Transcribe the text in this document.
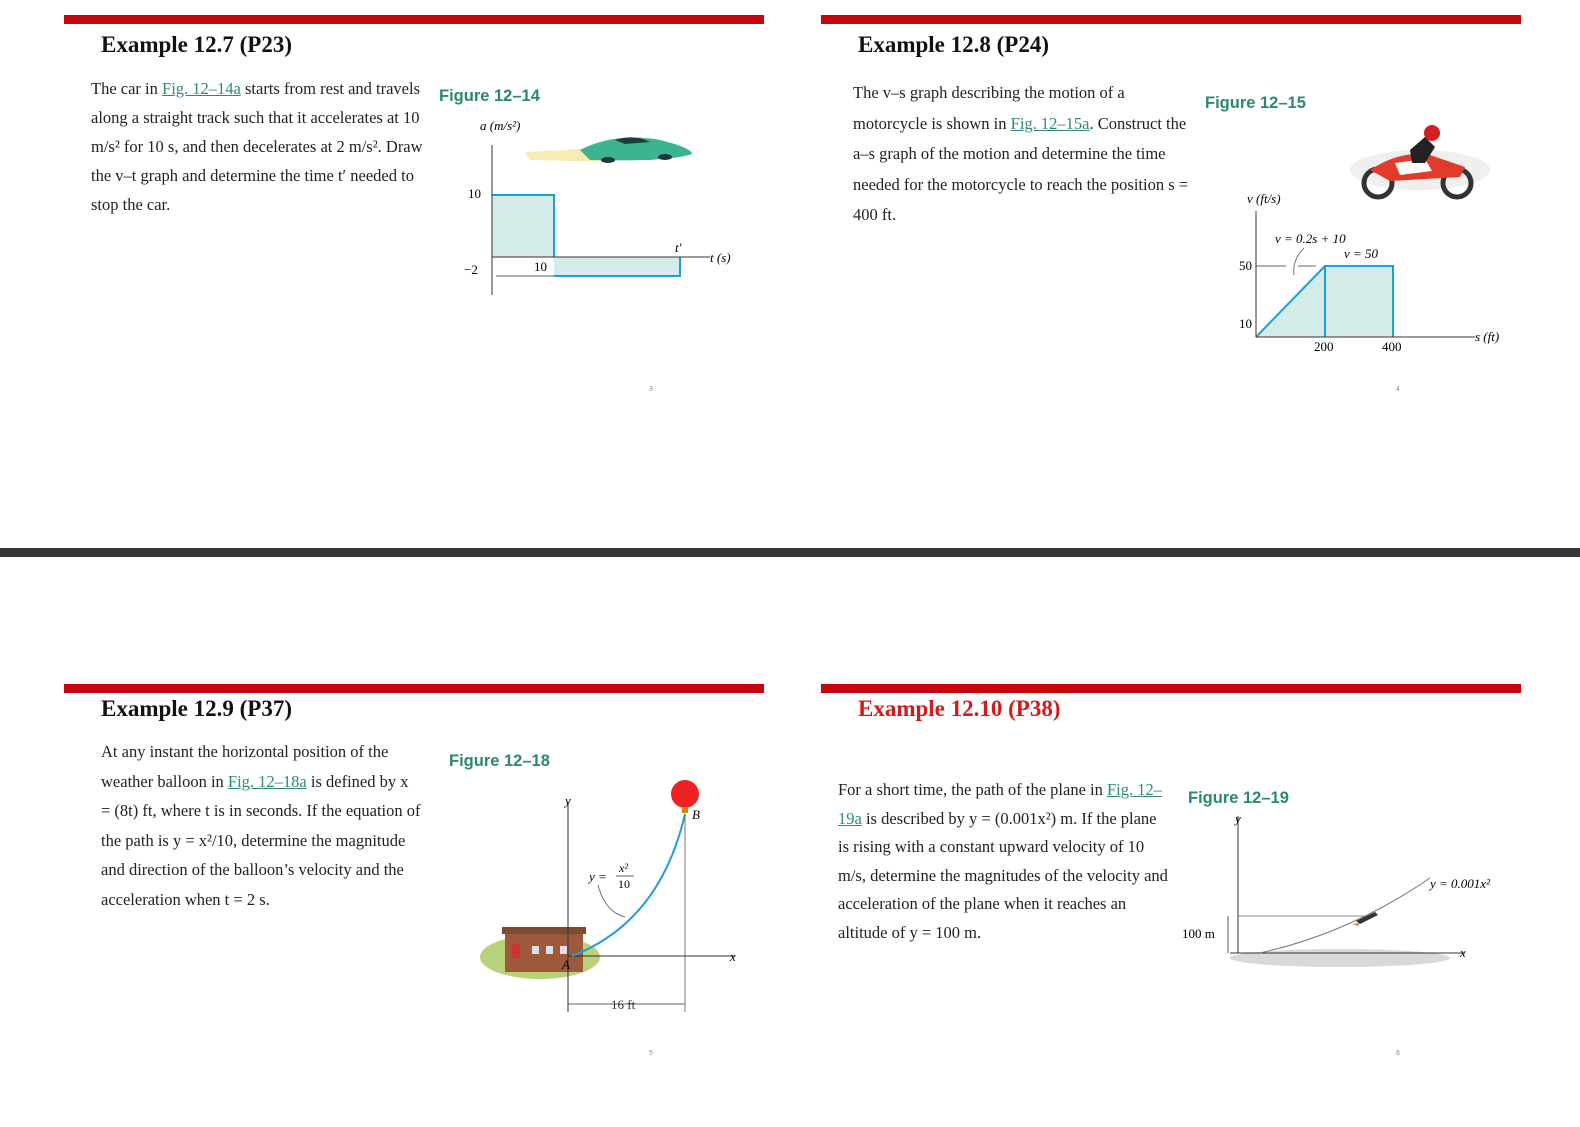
Example 12.7 (P23)

The car in Fig. 12–14a starts from rest and travels along a straight track such that it accelerates at 10 m/s² for 10 s, and then decelerates at 2 m/s². Draw the v–t graph and determine the time t′ needed to stop the car.

Figure 12–14
a (m/s²)
10
−2	10
t′
t (s)
3
Example 12.8 (P24)

The v–s graph describing the motion of a motorcycle is shown in Fig. 12–15a. Construct the a–s graph of the motion and determine the time needed for the motorcycle to reach the position s = 400 ft.

Figure 12–15
v (ft/s)
v = 0.2s + 10
v = 50
50
10
200	400
s (ft)
4
Example 12.9 (P37)

At any instant the horizontal position of the weather balloon in Fig. 12–18a is defined by x = (8t) ft, where t is in seconds. If the equation of the path is y = x²/10, determine the magnitude and direction of the balloon’s velocity and the acceleration when t = 2 s.

Figure 12–18
y
x
B
A
y =
x²
10
16 ft
5
Example 12.10 (P38)

For a short time, the path of the plane in Fig. 12–19a is described by y = (0.001x²) m. If the plane is rising with a constant upward velocity of 10 m/s, determine the magnitudes of the velocity and acceleration of the plane when it reaches an altitude of y = 100 m.

Figure 12–19
y
x
y = 0.001x²
100 m
6
